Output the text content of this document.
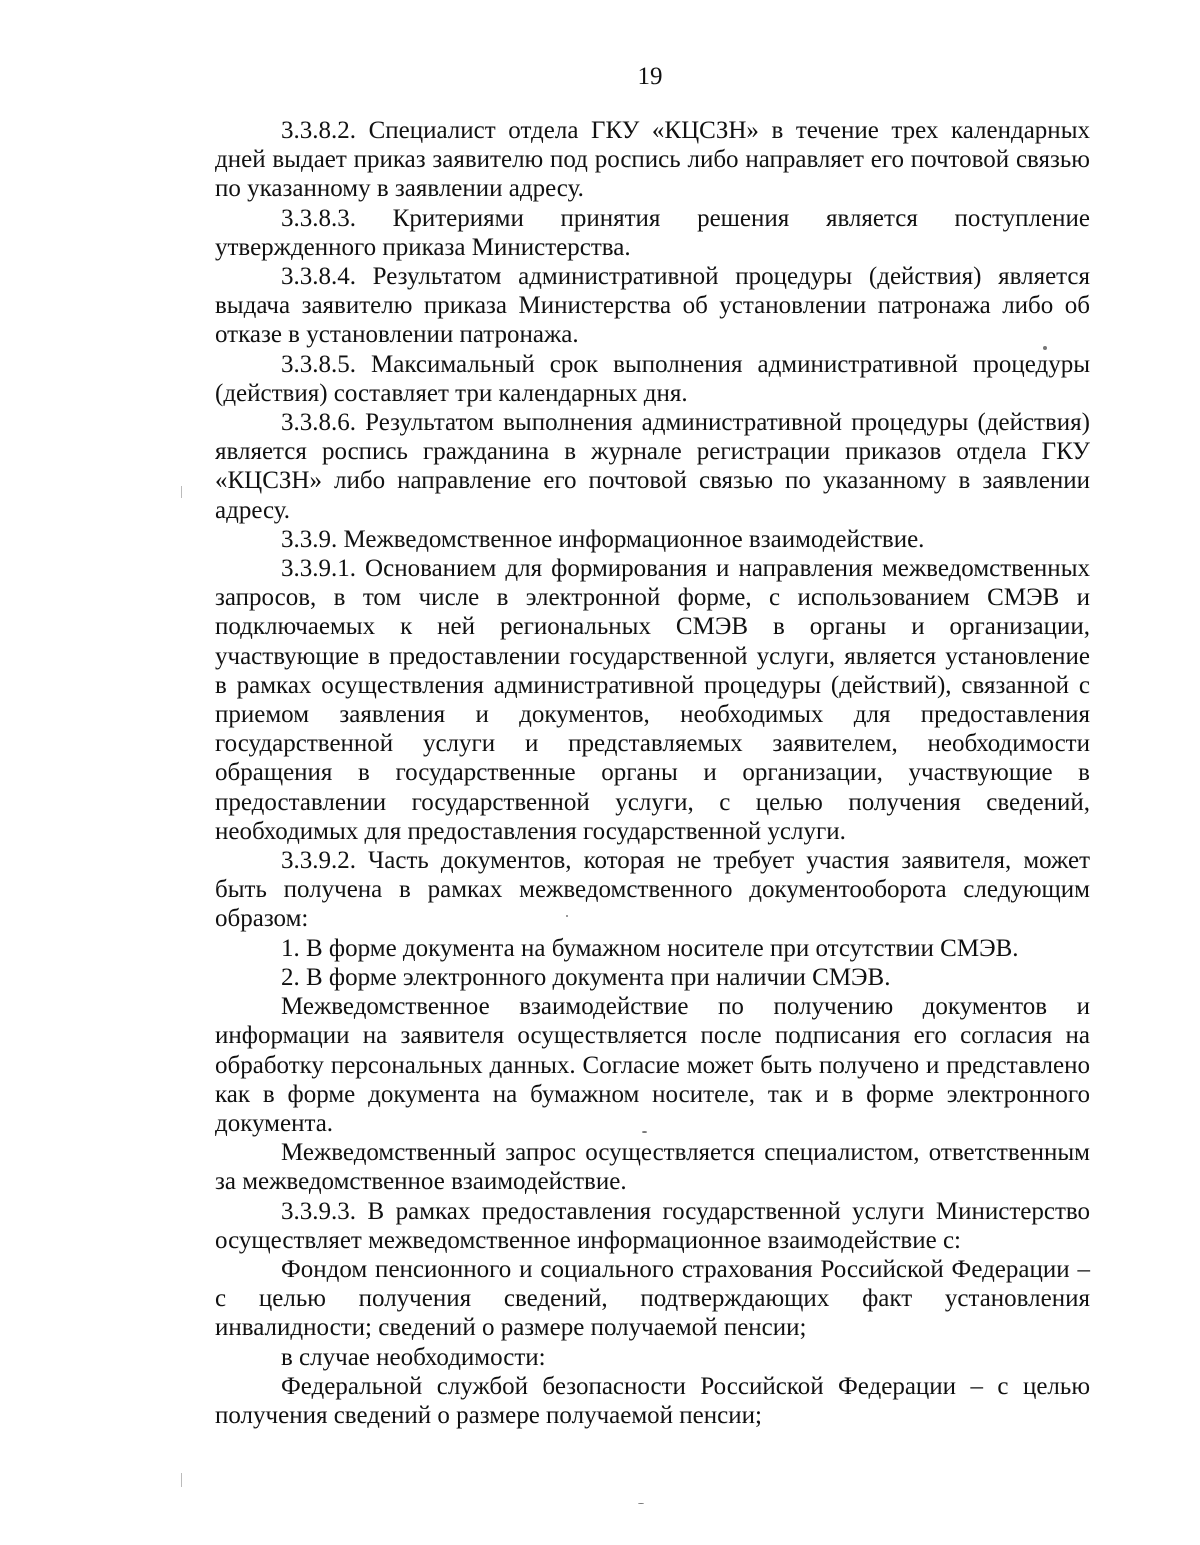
19

3.3.8.2. Специалист отдела ГКУ «КЦСЗН» в течение трех календарных дней выдает приказ заявителю под роспись либо направляет его почтовой связью по указанному в заявлении адресу.

3.3.8.3. Критериями принятия решения является поступление утвержденного приказа Министерства.

3.3.8.4. Результатом административной процедуры (действия) является выдача заявителю приказа Министерства об установлении патронажа либо об отказе в установлении патронажа.

3.3.8.5. Максимальный срок выполнения административной процедуры (действия) составляет три календарных дня.

3.3.8.6. Результатом выполнения административной процедуры (действия) является роспись гражданина в журнале регистрации приказов отдела ГКУ «КЦСЗН» либо направление его почтовой связью по указанному в заявлении адресу.

3.3.9. Межведомственное информационное взаимодействие.

3.3.9.1. Основанием для формирования и направления межведомственных запросов, в том числе в электронной форме, с использованием СМЭВ и подключаемых к ней региональных СМЭВ в органы и организации, участвующие в предоставлении государственной услуги, является установление в рамках осуществления административной процедуры (действий), связанной с приемом заявления и документов, необходимых для предоставления государственной услуги и представляемых заявителем, необходимости обращения в государственные органы и организации, участвующие в предоставлении государственной услуги, с целью получения сведений, необходимых для предоставления государственной услуги.

3.3.9.2. Часть документов, которая не требует участия заявителя, может быть получена в рамках межведомственного документооборота следующим образом:

1. В форме документа на бумажном носителе при отсутствии СМЭВ.

2. В форме электронного документа при наличии СМЭВ.

Межведомственное взаимодействие по получению документов и информации на заявителя осуществляется после подписания его согласия на обработку персональных данных. Согласие может быть получено и представлено как в форме документа на бумажном носителе, так и в форме электронного документа.

Межведомственный запрос осуществляется специалистом, ответственным за межведомственное взаимодействие.

3.3.9.3. В рамках предоставления государственной услуги Министерство осуществляет межведомственное информационное взаимодействие с:

Фондом пенсионного и социального страхования Российской Федерации – с целью получения сведений, подтверждающих факт установления инвалидности; сведений о размере получаемой пенсии;

в случае необходимости:

Федеральной службой безопасности Российской Федерации – с целью получения сведений о размере получаемой пенсии;
